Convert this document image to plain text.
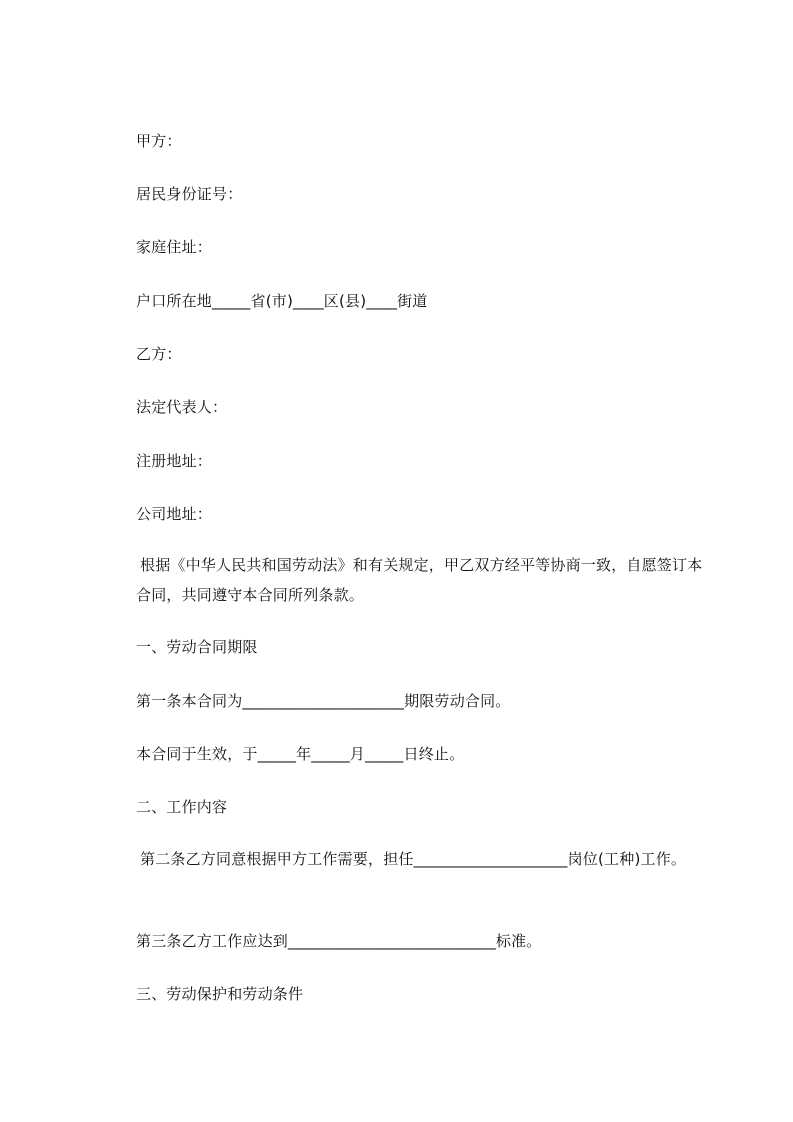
甲方：
居民身份证号：
家庭住址：
户口所在地_____省(市)____区(县)____街道
乙方：
法定代表人：
注册地址：
公司地址：
根据《中华人民共和国劳动法》和有关规定，甲乙双方经平等协商一致，自愿签订本合同，共同遵守本合同所列条款。
一、劳动合同期限
第一条本合同为_____________________期限劳动合同。
本合同于生效，于_____年_____月_____日终止。
二、工作内容
第二条乙方同意根据甲方工作需要，担任____________________岗位(工种)工作。
第三条乙方工作应达到___________________________标准。
三、劳动保护和劳动条件
